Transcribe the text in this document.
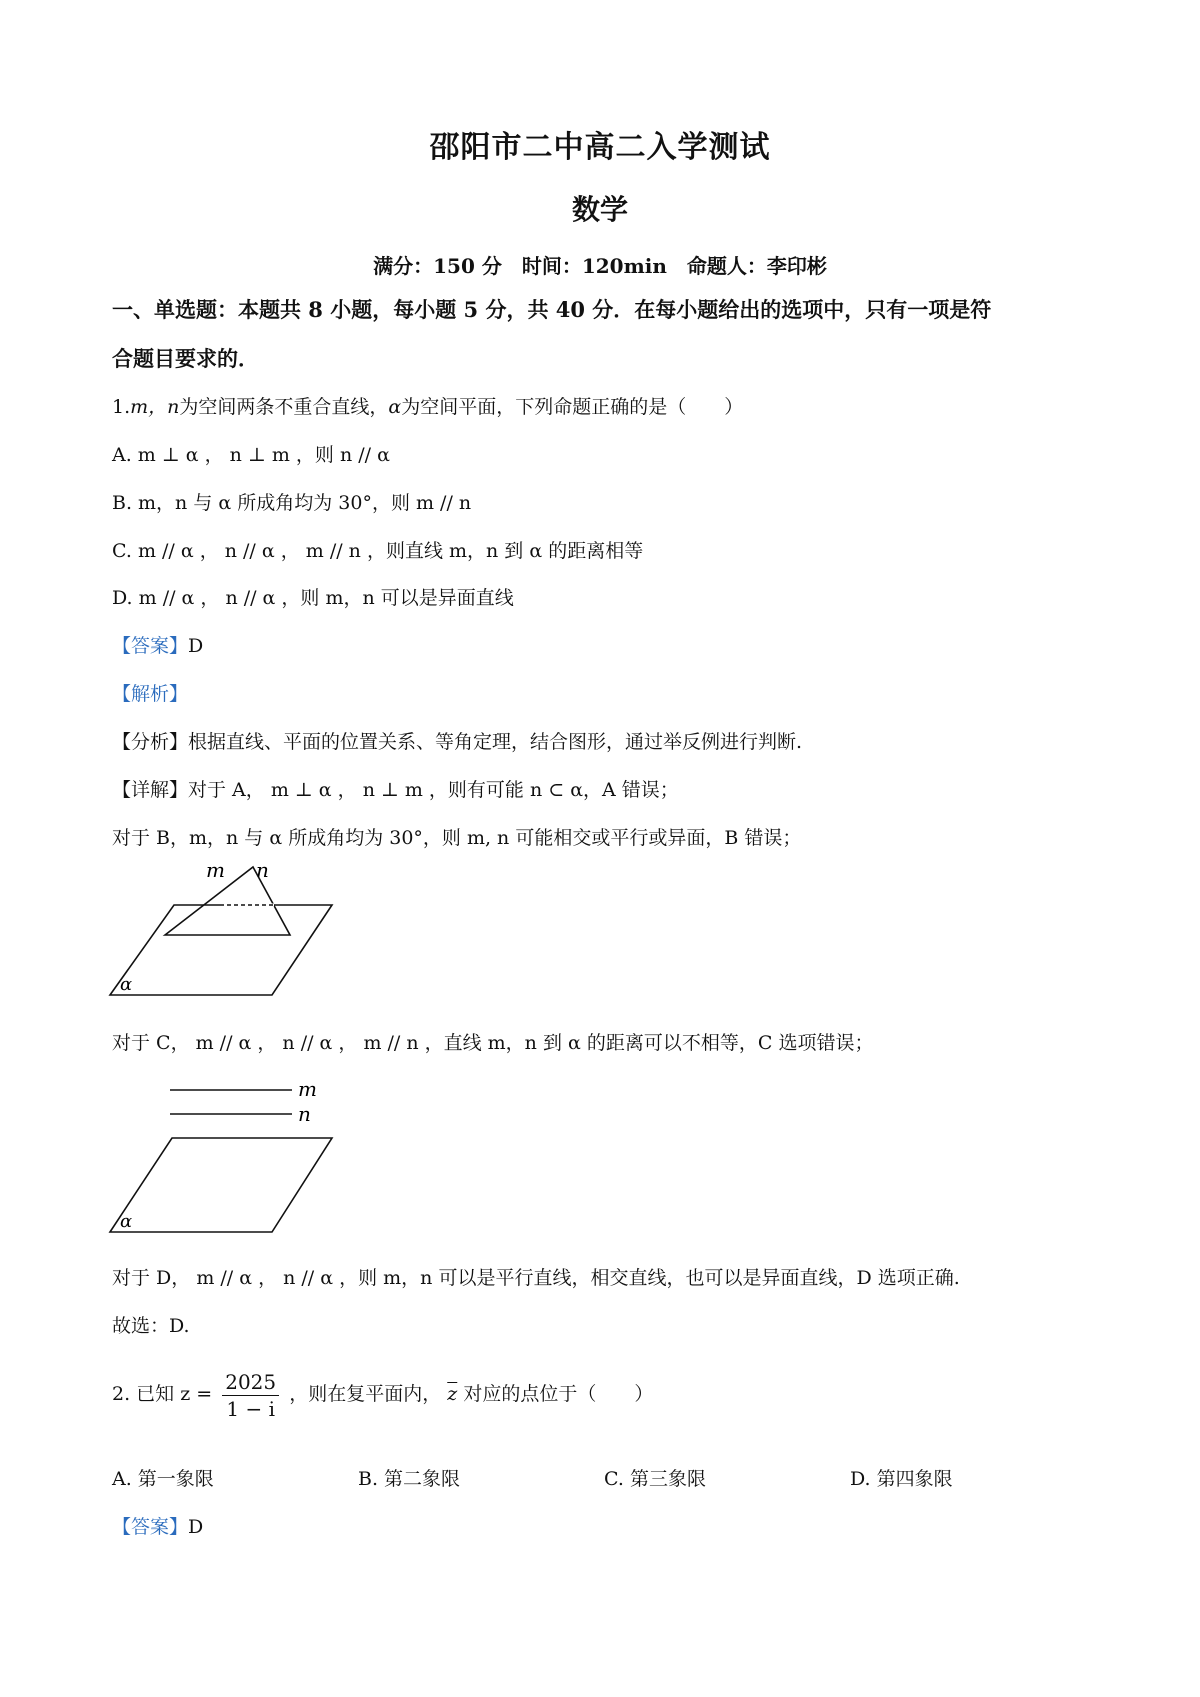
邵阳市二中高二入学测试
数学
满分：150 分　时间：120min　命题人：李印彬
一、单选题：本题共 8 小题，每小题 5 分，共 40 分．在每小题给出的选项中，只有一项是符
合题目要求的．
1.m，n为空间两条不重合直线，α为空间平面，下列命题正确的是（　　）
A. m ⊥ α ， n ⊥ m ，则 n // α
B. m，n 与 α 所成角均为 30°，则 m // n
C. m // α ， n // α ， m // n ，则直线 m，n 到 α 的距离相等
D. m // α ， n // α ，则 m，n 可以是异面直线
【答案】D
【解析】
【分析】根据直线、平面的位置关系、等角定理，结合图形，通过举反例进行判断.
【详解】对于 A， m ⊥ α ， n ⊥ m ，则有可能 n ⊂ α，A 错误；
对于 B，m，n 与 α 所成角均为 30°，则 m, n 可能相交或平行或异面，B 错误；
m n
α
对于 C， m // α ， n // α ， m // n ，直线 m，n 到 α 的距离可以不相等，C 选项错误；
m
n
α
对于 D， m // α ， n // α ，则 m，n 可以是平行直线，相交直线，也可以是异面直线，D 选项正确.
故选：D.
2. 已知 $z = \frac{2025}{1 - i}$ ，则在复平面内， $\overline{z}$ 对应的点位于（　　）
A. 第一象限	B. 第二象限	C. 第三象限	D. 第四象限
【答案】D
